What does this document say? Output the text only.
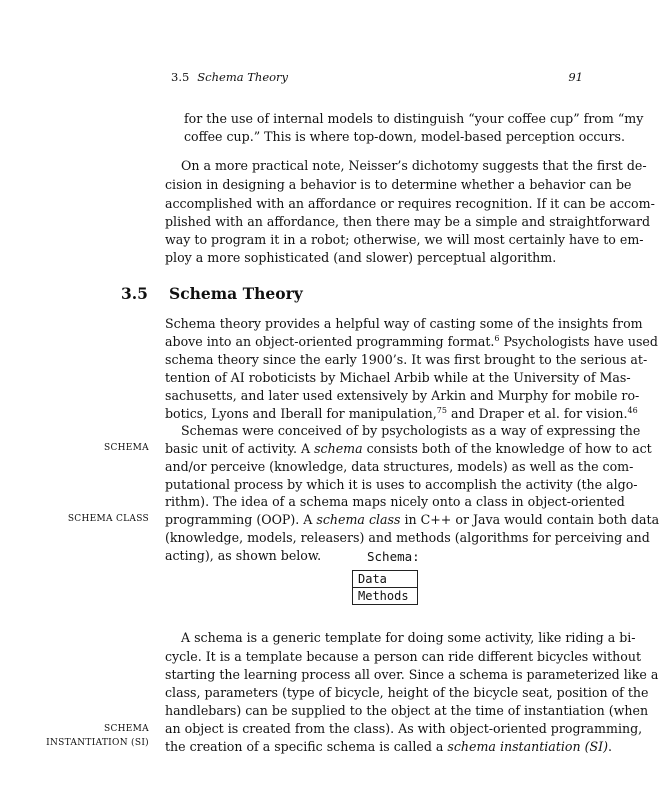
3.5 Schema Theory	91
for the use of internal models to distinguish “your coffee cup” from “my
coffee cup.” This is where top-down, model-based perception occurs.
On a more practical note, Neisser’s dichotomy suggests that the first de-
cision in designing a behavior is to determine whether a behavior can be
accomplished with an affordance or requires recognition. If it can be accom-
plished with an affordance, then there may be a simple and straightforward
way to program it in a robot; otherwise, we will most certainly have to em-
ploy a more sophisticated (and slower) perceptual algorithm.
3.5 Schema Theory
Schema theory provides a helpful way of casting some of the insights from
above into an object-oriented programming format.$^6$ Psychologists have used
schema theory since the early 1900’s. It was first brought to the serious at-
tention of AI roboticists by Michael Arbib while at the University of Mas-
sachusetts, and later used extensively by Arkin and Murphy for mobile ro-
botics, Lyons and Iberall for manipulation,$^{75}$ and Draper et al. for vision.$^{46}$
Schemas were conceived of by psychologists as a way of expressing the
basic unit of activity. A schema consists both of the knowledge of how to act
and/or perceive (knowledge, data structures, models) as well as the com-
putational process by which it is uses to accomplish the activity (the algo-
rithm). The idea of a schema maps nicely onto a class in object-oriented
programming (OOP). A schema class in C++ or Java would contain both data
(knowledge, models, releasers) and methods (algorithms for perceiving and
acting), as shown below.
SCHEMA
SCHEMA CLASS
SCHEMA
INSTANTIATION (SI)
Schema:
Data
Methods
A schema is a generic template for doing some activity, like riding a bi-
cycle. It is a template because a person can ride different bicycles without
starting the learning process all over. Since a schema is parameterized like a
class, parameters (type of bicycle, height of the bicycle seat, position of the
handlebars) can be supplied to the object at the time of instantiation (when
an object is created from the class). As with object-oriented programming,
the creation of a specific schema is called a schema instantiation (SI).
